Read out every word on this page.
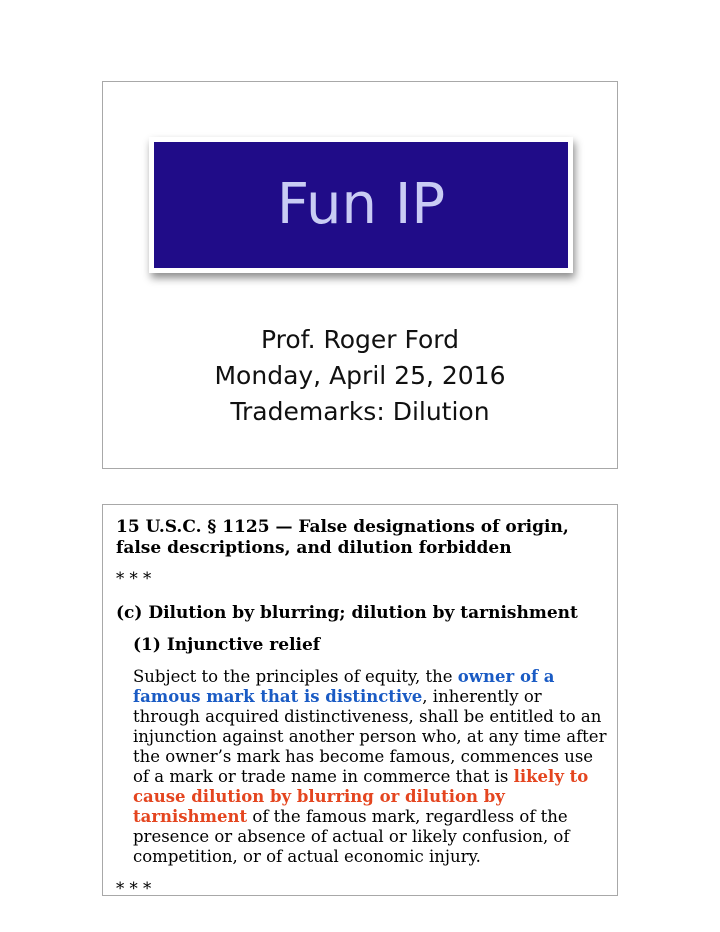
Fun IP
Prof. Roger Ford
Monday, April 25, 2016
Trademarks: Dilution
15 U.S.C. § 1125 — False designations of origin, false descriptions, and dilution forbidden
* * *
(c) Dilution by blurring; dilution by tarnishment
(1) Injunctive relief
Subject to the principles of equity, the owner of a famous mark that is distinctive, inherently or through acquired distinctiveness, shall be entitled to an injunction against another person who, at any time after the owner’s mark has become famous, commences use of a mark or trade name in commerce that is likely to cause dilution by blurring or dilution by tarnishment of the famous mark, regardless of the presence or absence of actual or likely confusion, of competition, or of actual economic injury.
* * *
